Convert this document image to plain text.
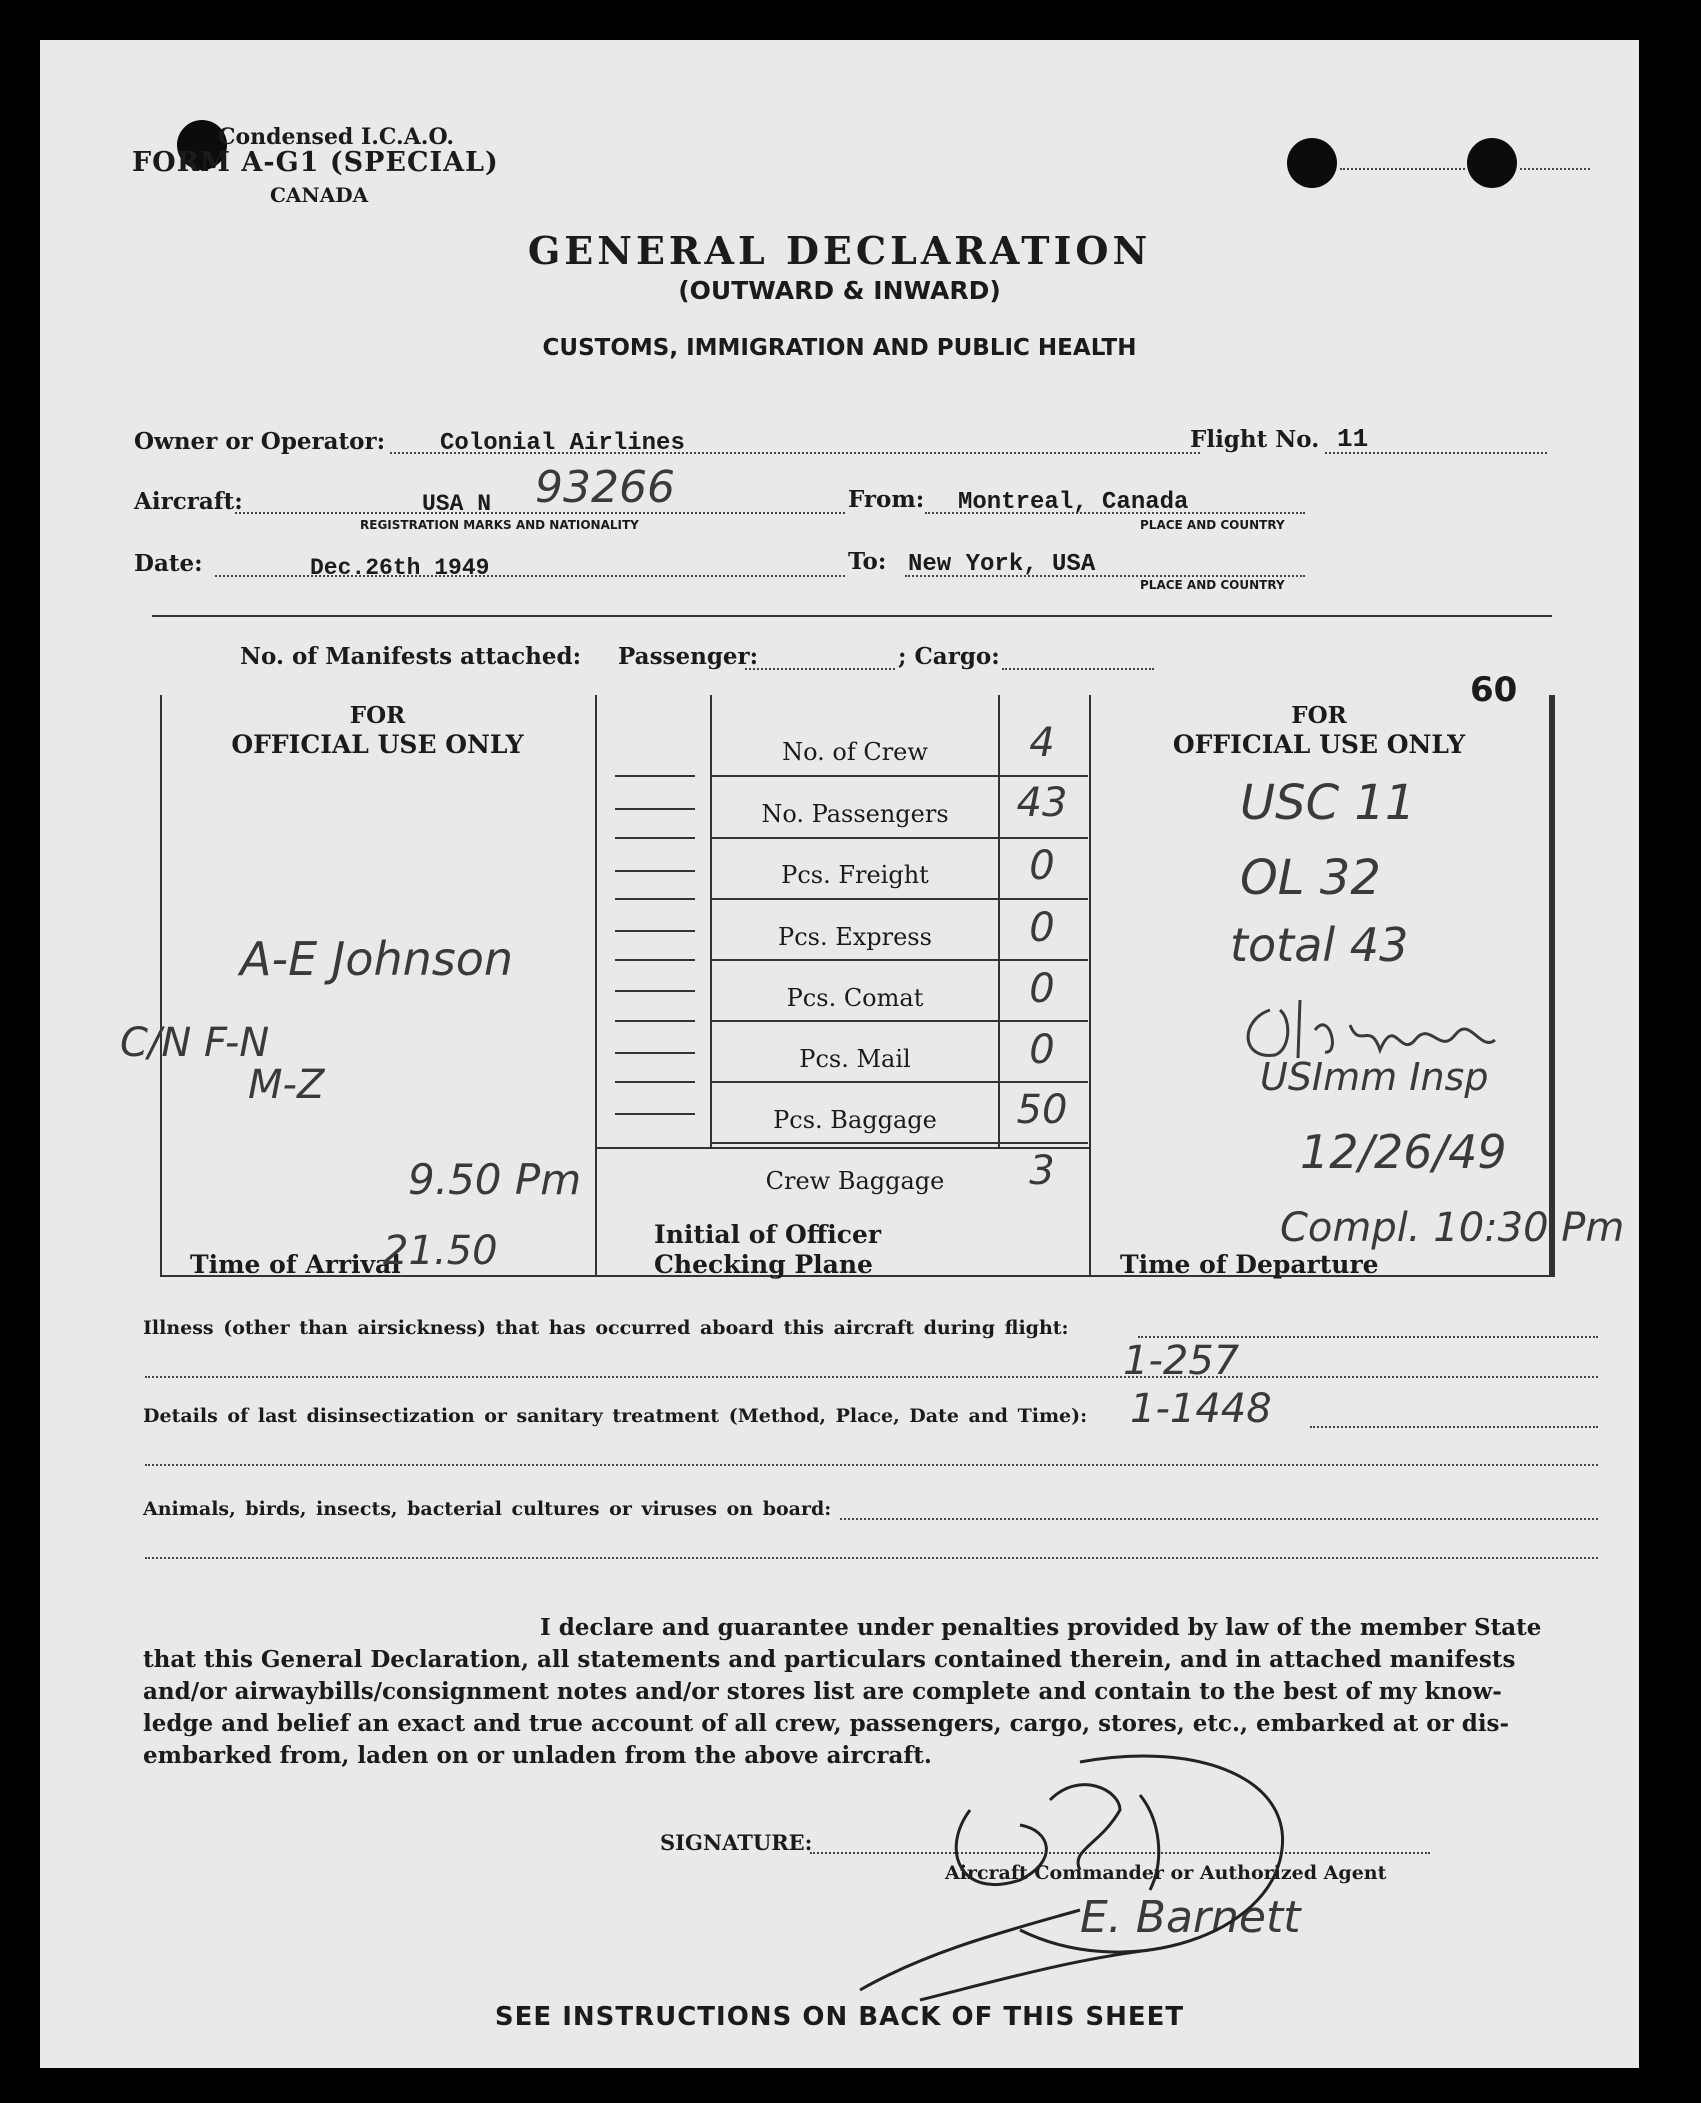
Condensed I.C.A.O.
FORM A-G1 (SPECIAL)
CANADA
GENERAL DECLARATION
(OUTWARD & INWARD)
CUSTOMS, IMMIGRATION AND PUBLIC HEALTH
Owner or Operator: Colonial Airlines	Flight No. 11
Aircraft:	USA N 93266
REGISTRATION MARKS AND NATIONALITY
From: Montreal, Canada
PLACE AND COUNTRY
Date:	Dec.26th 1949	To: New York, USA
PLACE AND COUNTRY
No. of Manifests attached: Passenger:	; Cargo:
60
FOR
OFFICIAL USE ONLY
FOR
OFFICIAL USE ONLY
No. of Crew	4
No. Passengers	43
Pcs. Freight	0
Pcs. Express	0
Pcs. Comat	0
Pcs. Mail	0
Pcs. Baggage	50
Crew Baggage	3
Initial of Officer
Checking Plane
Time of Arrival
21.50
9.50 Pm
Time of Departure
A-E Johnson
C/N F-N
M-Z
USC 11
OL 32
total 43
USImm Insp
12/26/49
Compl. 10:30 Pm
Illness (other than airsickness) that has occurred aboard this aircraft during flight:
1-257
Details of last disinsectization or sanitary treatment (Method, Place, Date and Time): 1-1448
Animals, birds, insects, bacterial cultures or viruses on board:
I declare and guarantee under penalties provided by law of the member State
that this General Declaration, all statements and particulars contained therein, and in attached manifests
and/or airwaybills/consignment notes and/or stores list are complete and contain to the best of my know-
ledge and belief an exact and true account of all crew, passengers, cargo, stores, etc., embarked at or dis-
embarked from, laden on or unladen from the above aircraft.
SIGNATURE:
Aircraft Commander or Authorized Agent
E. Barnett
SEE INSTRUCTIONS ON BACK OF THIS SHEET
